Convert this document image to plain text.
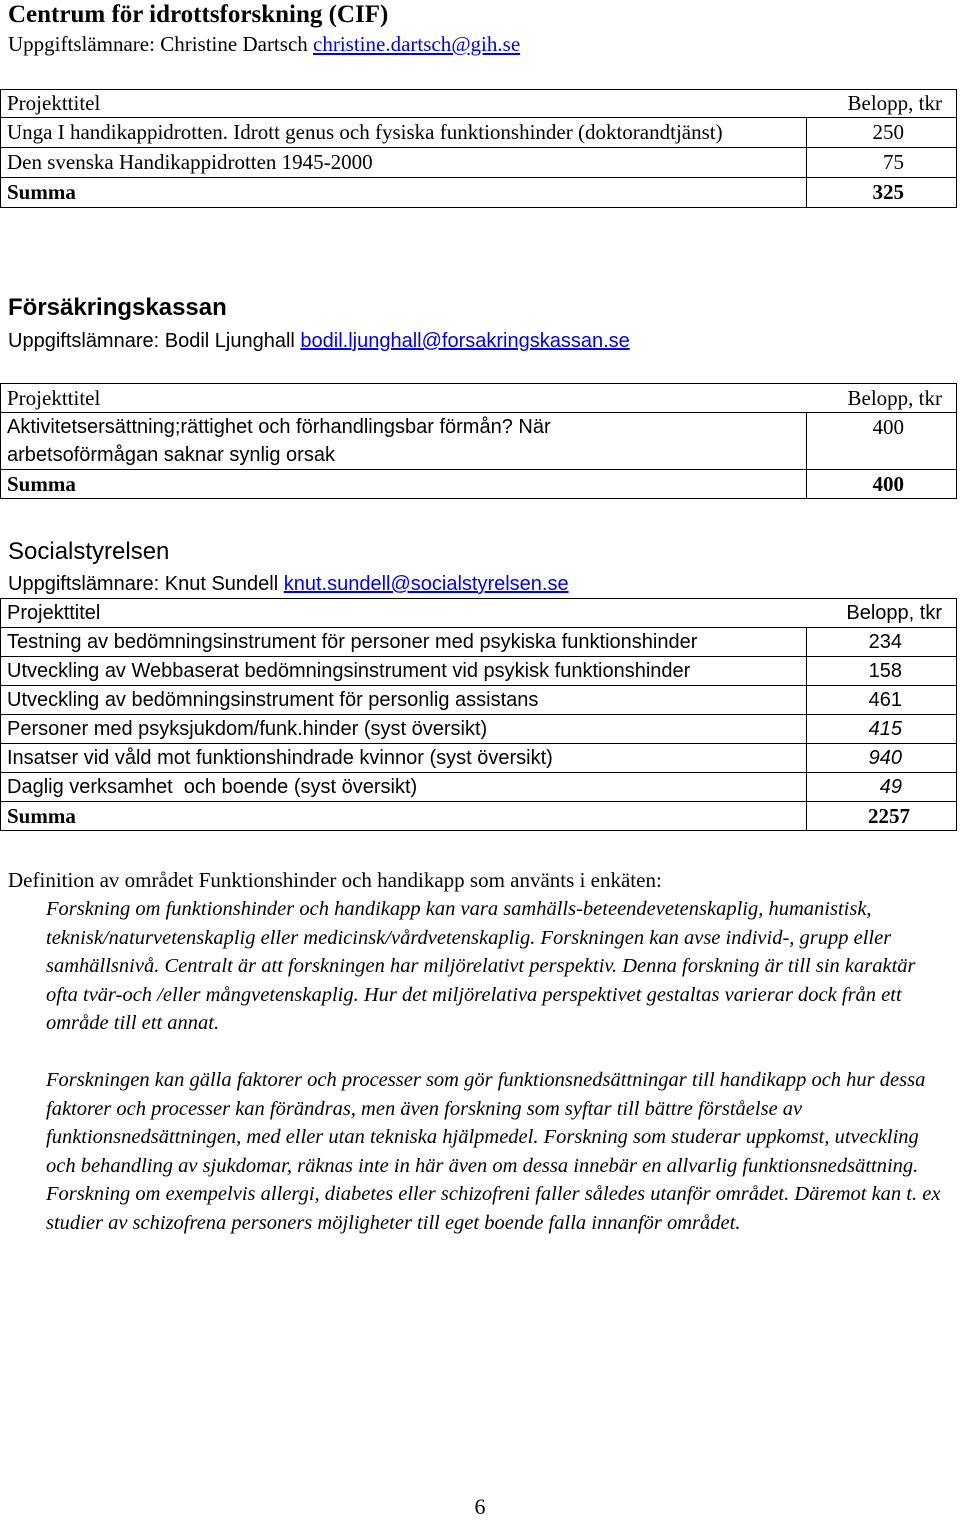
Centrum för idrottsforskning (CIF)

Uppgiftslämnare: Christine Dartsch christine.dartsch@gih.se

Projekttitel	Belopp, tkr
Unga I handikappidrotten. Idrott genus och fysiska funktionshinder (doktorandtjänst)	250
Den svenska Handikappidrotten 1945-2000	75
Summa	325
Försäkringskassan

Uppgiftslämnare: Bodil Ljunghall bodil.ljunghall@forsakringskassan.se

Projekttitel	Belopp, tkr
Aktivitetsersättning;rättighet och förhandlingsbar förmån? När arbetsoförmågan saknar synlig orsak	400
Summa	400
Socialstyrelsen

Uppgiftslämnare: Knut Sundell knut.sundell@socialstyrelsen.se

Projekttitel	Belopp, tkr
Testning av bedömningsinstrument för personer med psykiska funktionshinder	234
Utveckling av Webbaserat bedömningsinstrument vid psykisk funktionshinder	158
Utveckling av bedömningsinstrument för personlig assistans	461
Personer med psyksjukdom/funk.hinder (syst översikt)	415
Insatser vid våld mot funktionshindrade kvinnor (syst översikt)	940
Daglig verksamhet  och boende (syst översikt)	49
Summa	2257

Definition av området Funktionshinder och handikapp som använts i enkäten:

Forskning om funktionshinder och handikapp kan vara samhälls-beteendevetenskaplig, humanistisk, teknisk/naturvetenskaplig eller medicinsk/vårdvetenskaplig. Forskningen kan avse individ-, grupp eller samhällsnivå. Centralt är att forskningen har miljörelativt perspektiv. Denna forskning är till sin karaktär ofta tvär-och /eller mångvetenskaplig. Hur det miljörelativa perspektivet gestaltas varierar dock från ett område till ett annat.

Forskningen kan gälla faktorer och processer som gör funktionsnedsättningar till handikapp och hur dessa faktorer och processer kan förändras, men även forskning som syftar till bättre förståelse av funktionsnedsättningen, med eller utan tekniska hjälpmedel. Forskning som studerar uppkomst, utveckling och behandling av sjukdomar, räknas inte in här även om dessa innebär en allvarlig funktionsnedsättning. Forskning om exempelvis allergi, diabetes eller schizofreni faller således utanför området. Däremot kan t. ex studier av schizofrena personers möjligheter till eget boende falla innanför området.

6
